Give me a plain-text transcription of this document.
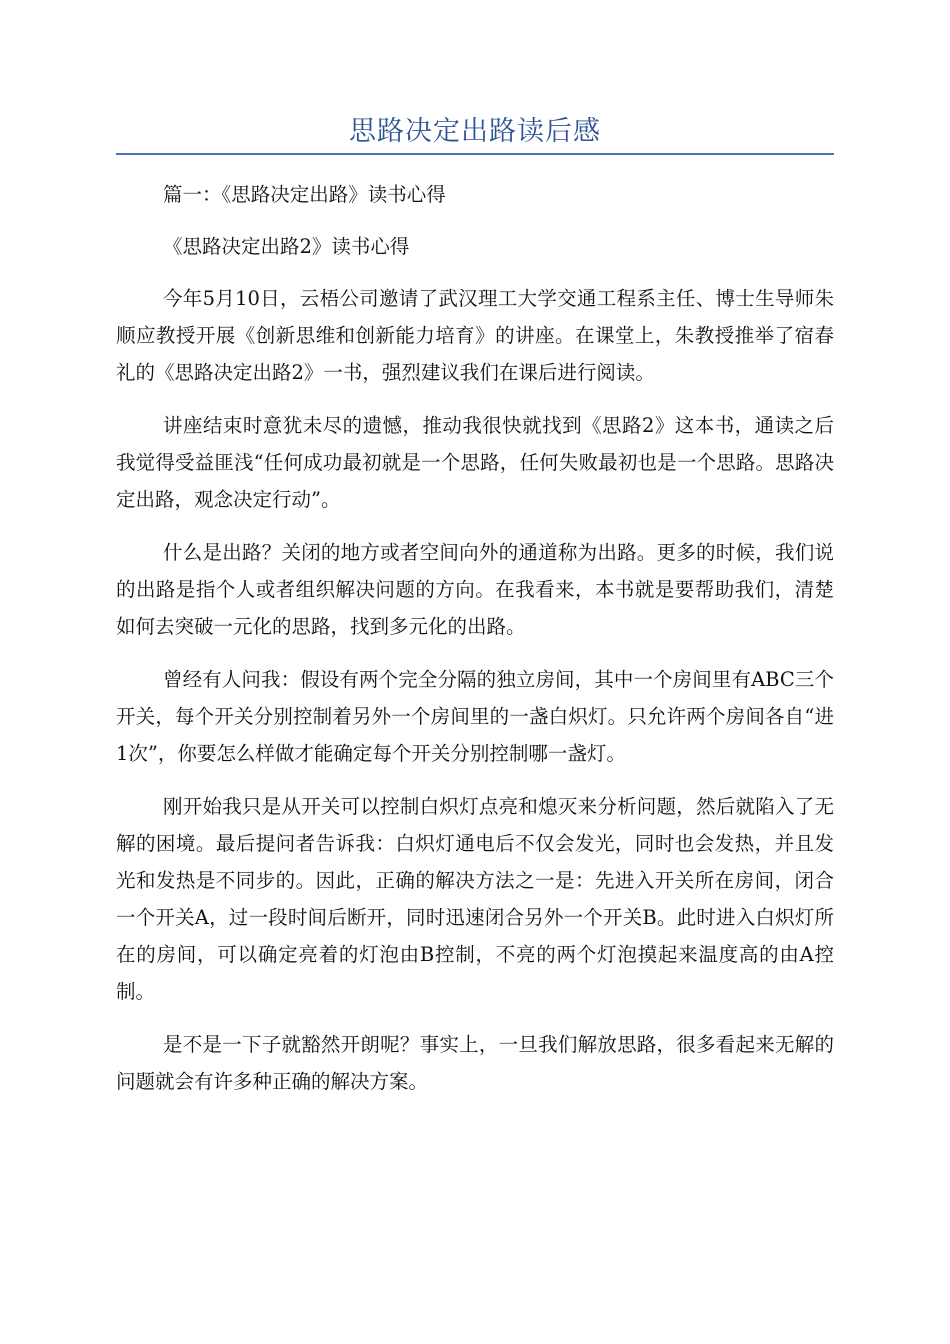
思路决定出路读后感

篇一：《思路决定出路》读书心得

《思路决定出路2》读书心得

今年5月10日，云梧公司邀请了武汉理工大学交通工程系主任、博士生导师朱顺应教授开展《创新思维和创新能力培育》的讲座。在课堂上，朱教授推举了宿春礼的《思路决定出路2》一书，强烈建议我们在课后进行阅读。

讲座结束时意犹未尽的遗憾，推动我很快就找到《思路2》这本书，通读之后我觉得受益匪浅“任何成功最初就是一个思路，任何失败最初也是一个思路。思路决定出路，观念决定行动”。

什么是出路？关闭的地方或者空间向外的通道称为出路。更多的时候，我们说的出路是指个人或者组织解决问题的方向。在我看来，本书就是要帮助我们，清楚如何去突破一元化的思路，找到多元化的出路。

曾经有人问我：假设有两个完全分隔的独立房间，其中一个房间里有ABC三个开关，每个开关分别控制着另外一个房间里的一盏白炽灯。只允许两个房间各自“进1次”，你要怎么样做才能确定每个开关分别控制哪一盏灯。

刚开始我只是从开关可以控制白炽灯点亮和熄灭来分析问题，然后就陷入了无解的困境。最后提问者告诉我：白炽灯通电后不仅会发光，同时也会发热，并且发光和发热是不同步的。因此，正确的解决方法之一是：先进入开关所在房间，闭合一个开关A，过一段时间后断开，同时迅速闭合另外一个开关B。此时进入白炽灯所在的房间，可以确定亮着的灯泡由B控制，不亮的两个灯泡摸起来温度高的由A控制。

是不是一下子就豁然开朗呢？事实上，一旦我们解放思路，很多看起来无解的问题就会有许多种正确的解决方案。
